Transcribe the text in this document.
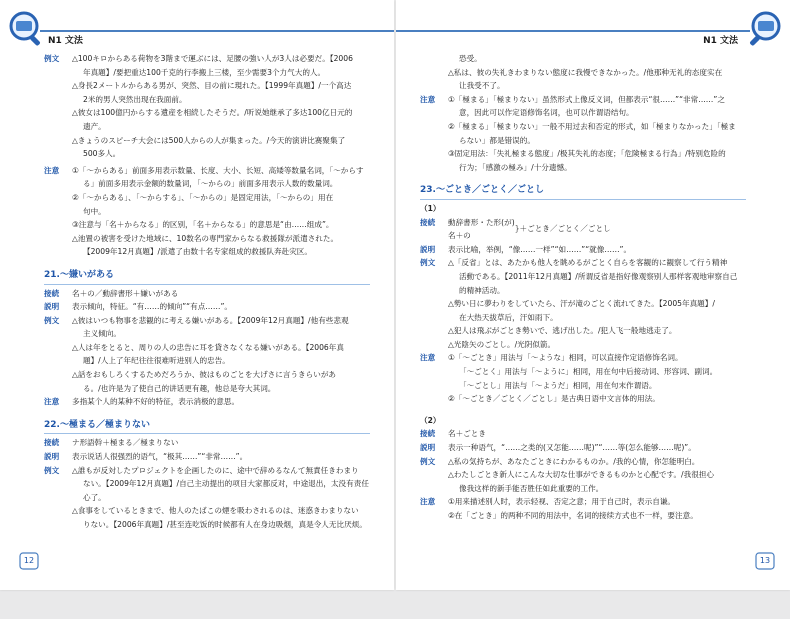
N1 文法
例文	△100キロからある荷物を3階まで運ぶには、足腰の強い人が3人は必要だ。【2006

年真題】/要把重达100千克的行李搬上三楼，至少需要3个力气大的人。

△身長2メートルからある男が、突然、目の前に現れた。【1999年真題】/一个高达

2米的男人突然出现在我面前。

△彼女は100億円からする遺産を相続したそうだ。/听说她继承了多达100亿日元的

遗产。

△きょうのスピーチ大会には500人からの人が集まった。/今天的演讲比赛聚集了

500多人。

注意	①「～からある」前面多用表示数量、长度、大小、长短、高矮等数量名词，「～からす

る」前面多用表示金额的数量词，「～からの」前面多用表示人数的数量词。

②「～からある」、「～からする」、「～からの」是固定用法，「～からの」用在

句中。

③注意与「名＋からなる」的区别，「名＋からなる」的意思是“由……组成”。

△池置の被害を受けた地域に、10数名の専門家からなる救援隊が派遣された。

【2009年12月真題】/派遣了由数十名专家组成的救援队奔赴灾区。

21.～嫌いがある
接続	名＋の／動辞書形＋嫌いがある
説明	表示倾向，特征。“有……的倾向”“有点……”。
例文	△彼はいつも物事を悲観的に考える嫌いがある。【2009年12月真題】/他有些悲观

主义倾向。

△人は年をとると、周りの人の忠告に耳を貸さなくなる嫌いがある。【2006年真

題】/人上了年纪往往很难听进别人的忠告。

△話をおもしろくするためだろうか、彼はものごとを大げさに言うきらいがあ

る。/也许是为了使自己的讲话更有趣，他总是夸大其词。

注意	多指某个人的某种不好的特征，表示消极的意思。
22.～極まる／極まりない
接続	ナ形語幹＋極まる／極まりない
説明	表示说话人很强烈的语气，“极其……”“非常……”。
例文	△誰もが反対したプロジェクトを企画したのに、途中で辞めるなんて無責任きわまり

ない。【2009年12月真題】/自己主动提出的项目大家都反对，中途退出，太没有责任心了。

△食事をしているときまで、他人のたばこの煙を吸わされるのは、迷惑きわまりない

りない。【2006年真題】/甚至连吃饭的时候都有人在身边吸烟，真是令人无比厌烦。

12
N1 文法

恐受。

△私は、彼の失礼きわまりない態度に我慢できなかった。/他那种无礼的态度实在

让我受不了。

注意	①「極まる」「極まりない」虽然形式上像反义词，但都表示“很……”“非常……”之

意，因此可以作定语修饰名词，也可以作谓语结句。

②「極まる」「極まりない」一般不用过去和否定的形式，如「極まりなかった」「極ま

らない」都是错误的。

③固定用法：「失礼極まる態度」/极其失礼的态度；「危険極まる行為」/特别危险的

行为；「感激の極み」/十分遗憾。

23.～ごとき／ごとく／ごとし
（1）
接続	動辞書形・た形(が)
名＋の
} ＋ごとき／ごとく／ごとし
説明	表示比喻，举例，“像……一样”“如……”“就像……”。
例文	△「反省」とは、あたかも他人を眺めるがごとく自らを客観的に観察して行う精神

活動である。【2011年12月真題】/所谓反省是指好像观察别人那样客观地审察自己

的精神活动。

△勢い日に夢わりをしていたら、汗が滝のごとく流れてきた。【2005年真題】/

在大热天拔草后，汗如雨下。

△犯人は飛ぶがごとき勢いで、逃げ出した。/犯人飞一般地逃走了。

△光陰矢のごとし。/光阴似箭。

注意	①「～ごとき」用法与「～ような」相同，可以直接作定语修饰名词。

「～ごとく」用法与「～ように」相同，用在句中后接动词、形容词、副词。

「～ごとし」用法与「～ようだ」相同，用在句末作谓语。

②「～ごとき／ごとく／ごとし」是古典日语中文言体的用法。

（2）
接続	名＋ごとき
説明	表示一种语气，“……之类的(又怎能……呢)”“……等(怎么能够……呢)”。
例文	△私の気持ちが、あなたごときにわかるものか。/我的心情，你怎能明白。

△わたしごとき新人にこんな大切な仕事ができるものかと心配です。/我很担心

像我这样的新手能否胜任如此重要的工作。

注意	①用来描述别人时，表示轻视、否定之意；用于自己时，表示自谦。

②在「ごとき」的两种不同的用法中，名词的接续方式也不一样，要注意。

13
